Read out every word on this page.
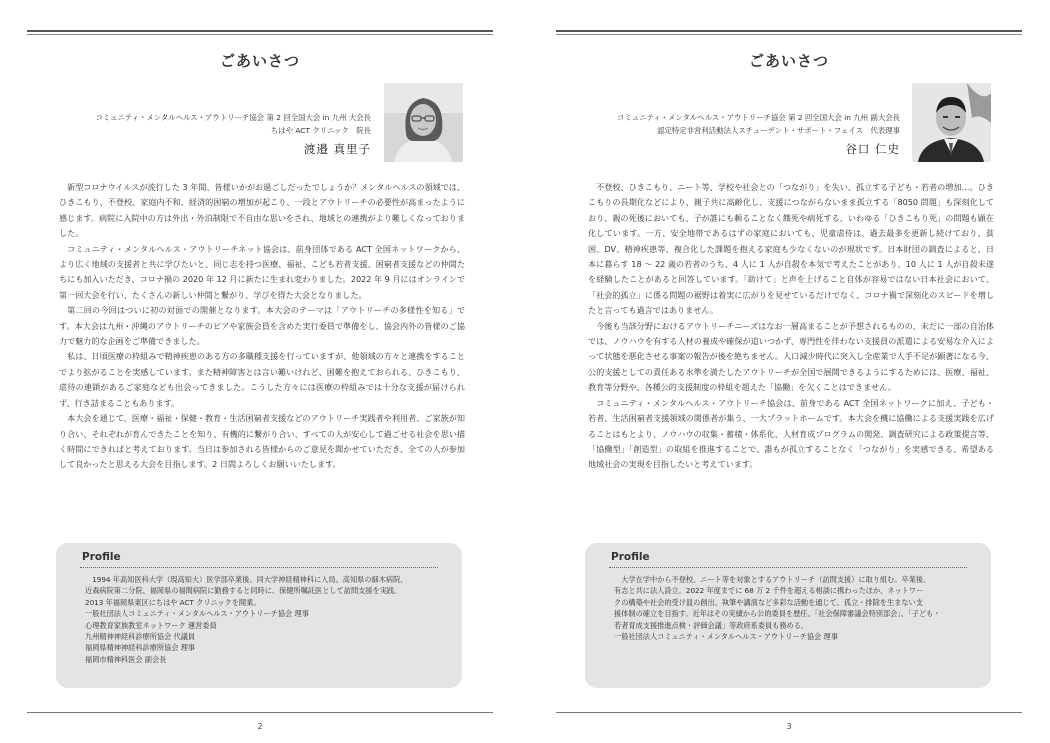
ごあいさつ
コミュニティ・メンタルヘルス・アウトリーチ協会 第 2 回全国大会 in 九州 大会長
ちはや ACT クリニック　院長
渡邉 真里子

新型コロナウイルスが流行した 3 年間、皆様いかがお過ごしだったでしょうか？メンタルヘルスの領域では、ひきこもり、不登校、家庭内不和、経済的困窮の増加が起こり、一段とアウトリーチの必要性が高まったように感じます。病院に入院中の方は外出・外泊制限で不自由な思いをされ、地域との連携がより難しくなっておりました。

コミュニティ・メンタルヘルス・アウトリーチネット協会は、前身団体である ACT 全国ネットワークから、より広く地域の支援者と共に学びたいと、同じ志を持つ医療、福祉、こども若者支援、困窮者支援などの仲間たちにも加入いただき、コロナ禍の 2020 年 12 月に新たに生まれ変わりました。2022 年 9 月にはオンラインで第一回大会を行い、たくさんの新しい仲間と繋がり、学びを得た大会となりました。

第二回の今回はついに初の対面での開催となります。本大会のテーマは「アウトリーチの多様性を知る」です。本大会は九州・沖縄のアウトリーチのピアや家族会員を含めた実行委員で準備をし、協会内外の皆様のご協力で魅力的な企画をご準備できました。

私は、日頃医療の枠組みで精神疾患のある方の多職種支援を行っていますが、他領域の方々と連携をすることでより拡がることを実感しています。また精神障害とは言い難いけれど、困難を抱えておられる、ひきこもり、虐待の連鎖があるご家庭なども出会ってきました。こうした方々には医療の枠組みでは十分な支援が届けられず、行き詰まることもあります。

本大会を通じて、医療・福祉・保健・教育・生活困窮者支援などのアウトリーチ実践者や利用者、ご家族が知り合い、それぞれが育んできたことを知り、有機的に繋がり合い、すべての人が安心して過ごせる社会を思い描く時間にできればと考えております。当日は参加される皆様からのご意見を聞かせていただき、全ての人が参加して良かったと思える大会を目指します。2 日間よろしくお願いいたします。

Profile
　1994 年高知医科大学（現高知大）医学部卒業後、同大学神経精神科に入局。高知県の細木病院、
近森病院第二分院、福岡県の福間病院に勤務すると同時に、保健所嘱託医として訪問支援を実践。
2013 年福岡県東区にちはや ACT クリニックを開業。
一般社団法人コミュニティ・メンタルヘルス・アウトリーチ協会 理事
心理教育家族教室ネットワーク 運営委員
九州精神神経科診療所協会 代議員
福岡県精神神経科診療所協会 理事
福岡市精神科医会 副会長
2
ごあいさつ
コミュニティ・メンタルヘルス・アウトリーチ協会 第 2 回全国大会 in 九州 副大会長
認定特定非営利活動法人スチューデント・サポート・フェイス　代表理事
谷口 仁史

不登校、ひきこもり、ニート等、学校や社会との「つながり」を失い、孤立する子ども・若者の増加…。ひきこもりの長期化などにより、親子共に高齢化し、支援につながらないまま孤立する「8050 問題」も深刻化しており、親の死後においても、子が誰にも頼ることなく餓死や病死する、いわゆる「ひきこもり死」の問題も顕在化しています。一方、安全地帯であるはずの家庭においても、児童虐待は、過去最多を更新し続けており、貧困、DV、精神疾患等、複合化した課題を抱える家庭も少なくないのが現状です。日本財団の調査によると、日本に暮らす 18 ～ 22 歳の若者のうち、4 人に 1 人が自殺を本気で考えたことがあり、10 人に 1 人が自殺未遂を経験したことがあると回答しています。「助けて」と声を上げること自体が容易ではない日本社会において、「社会的孤立」に係る問題の裾野は着実に広がりを見せているだけでなく、コロナ禍で深刻化のスピードを増したと言っても過言ではありません。

今後も当該分野におけるアウトリーチニーズはなお一層高まることが予想されるものの、未だに一部の自治体では、ノウハウを有する人材の養成や確保が追いつかず、専門性を伴わない支援員の派遣による安易な介入によって状態を悪化させる事案の報告が後を絶ちません。人口減少時代に突入し全産業で人手不足が顕著になる今、公的支援としての責任ある水準を満たしたアウトリーチが全国で展開できるようにするためには、医療、福祉、教育等分野や、各種公的支援制度の枠組を超えた「協働」を欠くことはできません。

コミュニティ・メンタルヘルス・アウトリーチ協会は、前身である ACT 全国ネットワークに加え、子ども・若者、生活困窮者支援領域の関係者が集う、一大プラットホームです。本大会を機に協働による支援実践を広げることはもとより、ノウハウの収集・蓄積・体系化、人材育成プログラムの開発、調査研究による政策提言等、「協働型」「創造型」の取組を推進することで、誰もが孤立することなく「つながり」を実感できる、希望ある地域社会の実現を目指したいと考えています。

Profile
　大学在学中から不登校、ニート等を対象とするアウトリーチ（訪問支援）に取り組む。卒業後、
有志と共に法人設立。2022 年度までに 68 万 2 千件を超える相談に携わったほか、ネットワー
クの構築や社会的受け皿の創出、執筆や講演など多彩な活動を通じて、孤立・排除を生まない支
援体制の確立を目指す。近年はその実績から公的委員を歴任。「社会保障審議会特別部会」、「子ども・
若者育成支援推進点検・評価会議」等政府系委員も務める。
一般社団法人コミュニティ・メンタルヘルス・アウトリーチ協会 理事
3
